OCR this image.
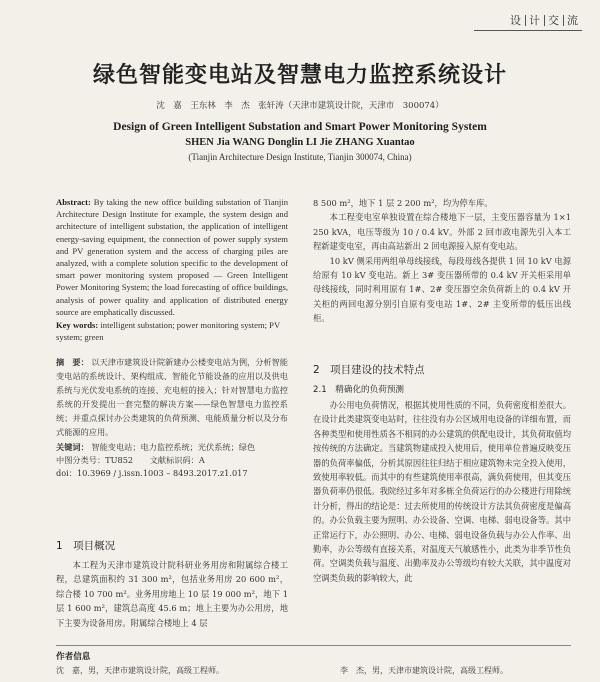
设 计 交 流
绿色智能变电站及智慧电力监控系统设计
沈　嘉　王东林　李　杰　张轩涛（天津市建筑设计院，天津市　300074）
Design of Green Intelligent Substation and Smart Power Monitoring System
SHEN Jia WANG Donglin LI Jie ZHANG Xuantao
(Tianjin Architecture Design Institute, Tianjin 300074, China)
Abstract: By taking the new office building substation of Tianjin Architecture Design Institute for example, the system design and architecture of intelligent substation, the application of intelligent energy-saving equipment, the connection of power supply system and PV generation system and the access of charging piles are analyzed, with a complete solution specific to the development of smart power monitoring system proposed — Green Intelligent Power Monitoring System; the load forecasting of office buildings, analysis of power quality and application of distributed energy source are emphatically discussed.
Key words: intelligent substation; power monitoring system; PV system; green
摘　要： 以天津市建筑设计院新建办公楼变电站为例，分析智能变电站的系统设计、架构组成、智能化节能设备的应用以及供电系统与光伏发电系统的连接、充电桩的接入；针对智慧电力监控系统的开发提出一套完整的解决方案——绿色智慧电力监控系统；并重点探讨办公类建筑的负荷预测、电能质量分析以及分布式能源的应用。
关键词： 智能变电站；电力监控系统；光伏系统；绿色
中图分类号：TU852 文献标识码：A
doi：10.3969 / j.issn.1003 – 8493.2017.z1.017
1　项目概况
本工程为天津市建筑设计院科研业务用房和附属综合楼工程，总建筑面积约 31 300 m²，包括业务用房 20 600 m²，综合楼 10 700 m²。业务用房地上 10 层 19 000 m²，地下 1 层 1 600 m²，建筑总高度 45.6 m；地上主要为办公用房，地下主要为设备用房。附属综合楼地上 4 层
8 500 m²，地下 1 层 2 200 m²，均为停车库。
本工程变电室单独设置在综合楼地下一层，主变压器容量为 1×1 250 kVA，电压等级为 10 / 0.4 kV。外部 2 回市政电源先引入本工程新建变电室，再由高站新出 2 回电源接入原有变电站。
10 kV 侧采用两组单母线接线，每段母线各提供 1 回 10 kV 电源给原有 10 kV 变电站。新上 3# 变压器所带的 0.4 kV 开关柜采用单母线接线，同时利用原有 1#、2# 变压器空余负荷新上的 0.4 kV 开关柜的两回电源分别引自原有变电站 1#、2# 主变所带的低压出线柜。
2　项目建设的技术特点
2.1　精确化的负荷预测
办公用电负荷情况，根据其使用性质的不同，负荷密度相差很大。在设计此类建筑变电站时，往往没有办公区域用电设备的详细布置，而各种类型和使用性质各不相同的办公建筑的供配电设计，其负荷取值均按传统的方法确定。当建筑物建成投入使用后，使用单位普遍反映变压器的负荷率偏低，分析其原因往往归结于相应建筑物未完全投入使用，致使用率较低。而其中的有些建筑使用率很高，满负荷使用，但其变压器负荷率仍很低。我院经过多年对多栋全负荷运行的办公楼进行用除统计分析，得出的结论是：过去所使用的传统设计方法其负荷密度是偏高的。办公负载主要为照明、办公设备、空调、电梯、弱电设备等。其中正常运行下，办公照明、办公、电梯、弱电设备负载与办公人作率、出勤率，办公等级有直接关系，对温度天气敏感性小，此类为非季节性负荷。空调类负载与温度、出勤率及办公等级均有较大关联，其中温度对空调类负载的影响较大，此
作者信息
沈　嘉，男，天津市建筑设计院，高级工程师。	李　杰，男，天津市建筑设计院，高级工程师。
